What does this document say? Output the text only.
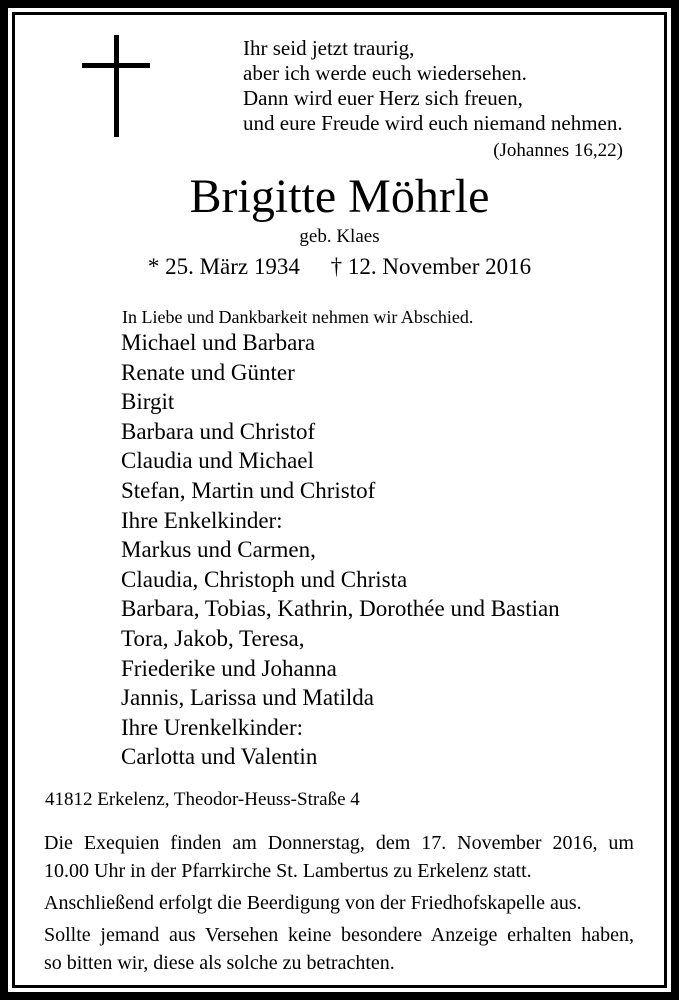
Ihr seid jetzt traurig,
aber ich werde euch wiedersehen.
Dann wird euer Herz sich freuen,
und eure Freude wird euch niemand nehmen.
(Johannes 16,22)
Brigitte Möhrle
geb. Klaes
* 25. März 1934 † 12. November 2016
In Liebe und Dankbarkeit nehmen wir Abschied.
Michael und Barbara
Renate und Günter
Birgit
Barbara und Christof
Claudia und Michael
Stefan, Martin und Christof
Ihre Enkelkinder:
Markus und Carmen,
Claudia, Christoph und Christa
Barbara, Tobias, Kathrin, Dorothée und Bastian
Tora, Jakob, Teresa,
Friederike und Johanna
Jannis, Larissa und Matilda
Ihre Urenkelkinder:
Carlotta und Valentin
41812 Erkelenz, Theodor-Heuss-Straße 4

Die Exequien finden am Donnerstag, dem 17. November 2016, um
10.00 Uhr in der Pfarrkirche St. Lambertus zu Erkelenz statt.

Anschließend erfolgt die Beerdigung von der Friedhofskapelle aus.

Sollte jemand aus Versehen keine besondere Anzeige erhalten haben,
so bitten wir, diese als solche zu betrachten.
